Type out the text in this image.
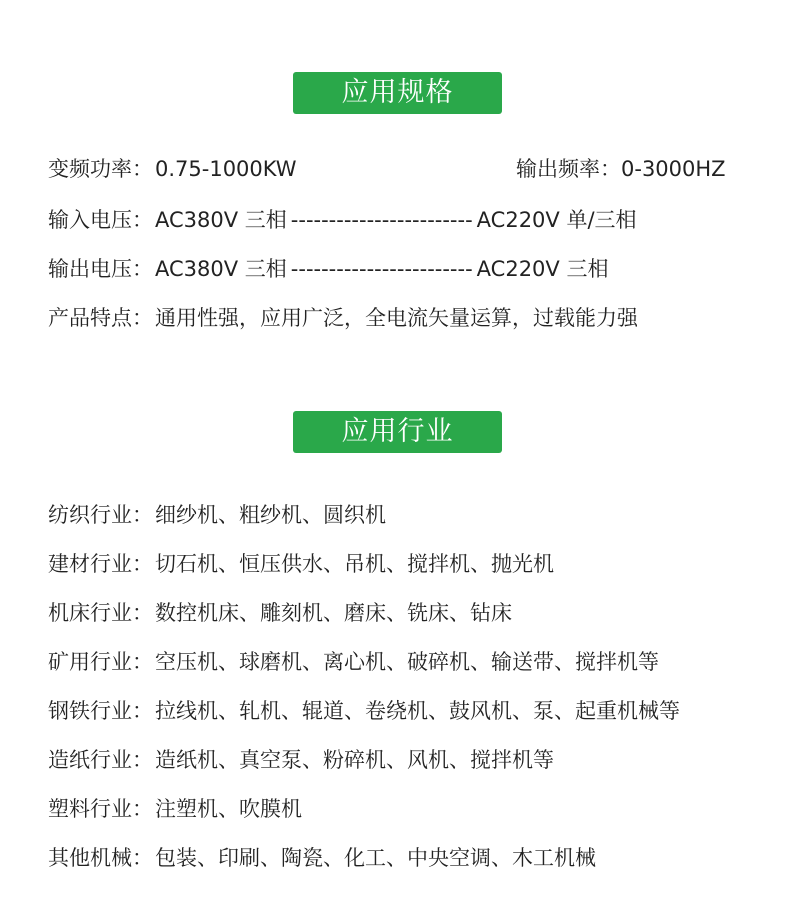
应用规格
变频功率：0.75-1000KW	输出频率：0-3000HZ
输入电压：AC380V 三相 ------------------------ AC220V 单/三相
输出电压：AC380V 三相 ------------------------ AC220V 三相
产品特点：通用性强，应用广泛，全电流矢量运算，过载能力强
应用行业
纺织行业：细纱机、粗纱机、圆织机
建材行业：切石机、恒压供水、吊机、搅拌机、抛光机
机床行业：数控机床、雕刻机、磨床、铣床、钻床
矿用行业：空压机、球磨机、离心机、破碎机、输送带、搅拌机等
钢铁行业：拉线机、轧机、辊道、卷绕机、鼓风机、泵、起重机械等
造纸行业：造纸机、真空泵、粉碎机、风机、搅拌机等
塑料行业：注塑机、吹膜机
其他机械：包装、印刷、陶瓷、化工、中央空调、木工机械
